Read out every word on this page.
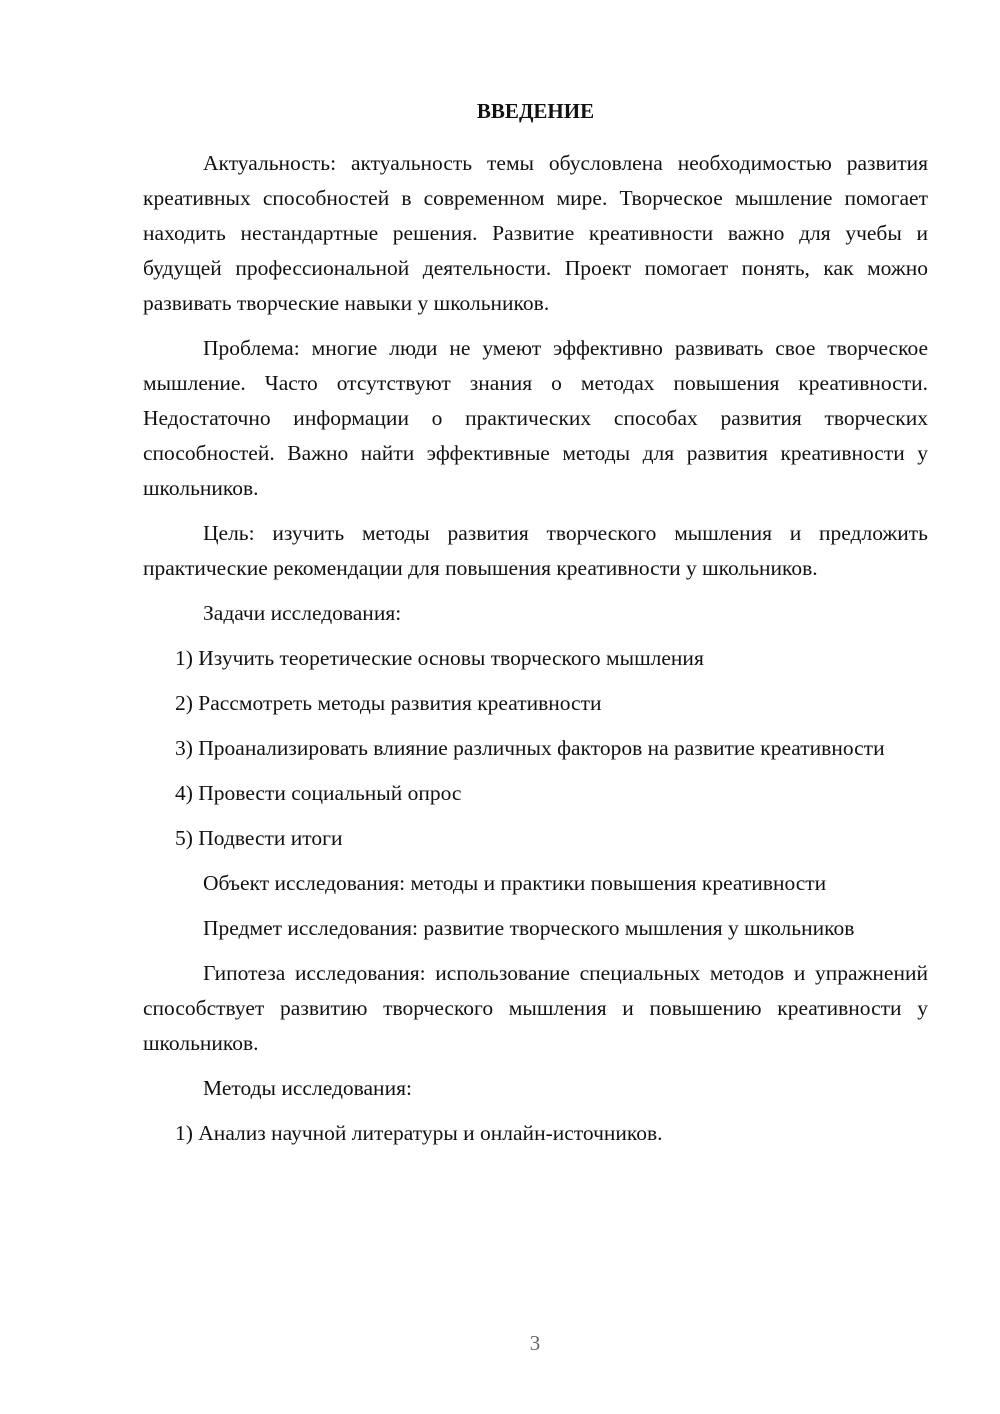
ВВЕДЕНИЕ

Актуальность: актуальность темы обусловлена необходимостью развития креативных способностей в современном мире. Творческое мышление помогает находить нестандартные решения. Развитие креативности важно для учебы и будущей профессиональной деятельности. Проект помогает понять, как можно развивать творческие навыки у школьников.

Проблема: многие люди не умеют эффективно развивать свое творческое мышление. Часто отсутствуют знания о методах повышения креативности. Недостаточно информации о практических способах развития творческих способностей. Важно найти эффективные методы для развития креативности у школьников.

Цель: изучить методы развития творческого мышления и предложить практические рекомендации для повышения креативности у школьников.

Задачи исследования:

1) Изучить теоретические основы творческого мышления

2) Рассмотреть методы развития креативности

3) Проанализировать влияние различных факторов на развитие креативности

4) Провести социальный опрос

5) Подвести итоги

Объект исследования: методы и практики повышения креативности

Предмет исследования: развитие творческого мышления у школьников

Гипотеза исследования: использование специальных методов и упражнений способствует развитию творческого мышления и повышению креативности у школьников.

Методы исследования:

1) Анализ научной литературы и онлайн-источников.

3
